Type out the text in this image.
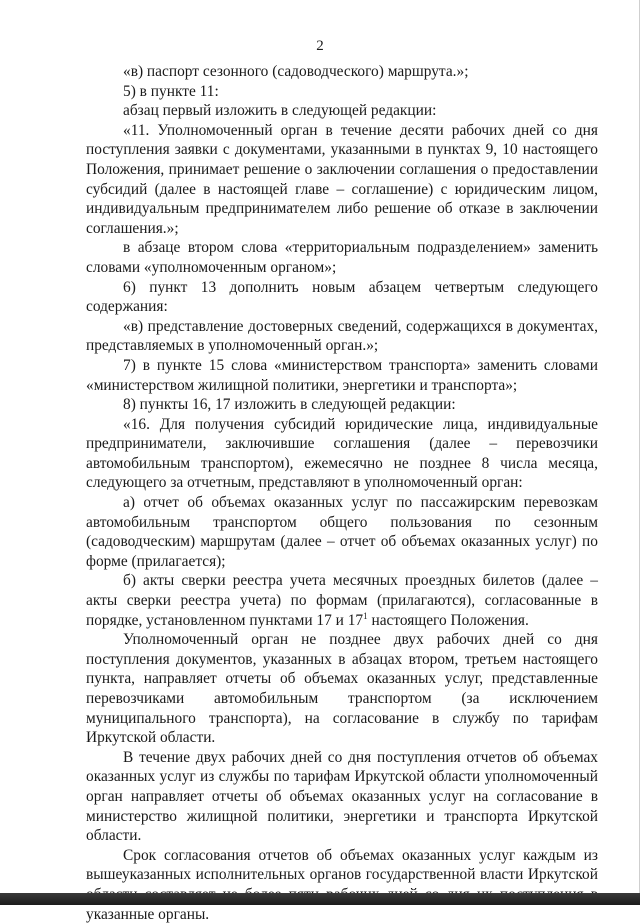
2

«в) паспорт сезонного (садоводческого) маршрута.»;

5) в пункте 11:

абзац первый изложить в следующей редакции:

«11. Уполномоченный орган в течение десяти рабочих дней со дня поступления заявки с документами, указанными в пунктах 9, 10 настоящего Положения, принимает решение о заключении соглашения о предоставлении субсидий (далее в настоящей главе – соглашение) с юридическим лицом, индивидуальным предпринимателем либо решение об отказе в заключении соглашения.»;

в абзаце втором слова «территориальным подразделением» заменить словами «уполномоченным органом»;

6) пункт 13 дополнить новым абзацем четвертым следующего содержания:

«в) представление достоверных сведений, содержащихся в документах, представляемых в уполномоченный орган.»;

7) в пункте 15 слова «министерством транспорта» заменить словами «министерством жилищной политики, энергетики и транспорта»;

8) пункты 16, 17 изложить в следующей редакции:

«16. Для получения субсидий юридические лица, индивидуальные предприниматели, заключившие соглашения (далее – перевозчики автомобильным транспортом), ежемесячно не позднее 8 числа месяца, следующего за отчетным, представляют в уполномоченный орган:

а) отчет об объемах оказанных услуг по пассажирским перевозкам автомобильным транспортом общего пользования по сезонным (садоводческим) маршрутам (далее – отчет об объемах оказанных услуг) по форме (прилагается);

б) акты сверки реестра учета месячных проездных билетов (далее – акты сверки реестра учета) по формам (прилагаются), согласованные в порядке, установленном пунктами 17 и $17^1$ настоящего Положения.

Уполномоченный орган не позднее двух рабочих дней со дня поступления документов, указанных в абзацах втором, третьем настоящего пункта, направляет отчеты об объемах оказанных услуг, представленные перевозчиками автомобильным транспортом (за исключением муниципального транспорта), на согласование в службу по тарифам Иркутской области.

В течение двух рабочих дней со дня поступления отчетов об объемах оказанных услуг из службы по тарифам Иркутской области уполномоченный орган направляет отчеты об объемах оказанных услуг на согласование в министерство жилищной политики, энергетики и транспорта Иркутской области.

Срок согласования отчетов об объемах оказанных услуг каждым из вышеуказанных исполнительных органов государственной власти Иркутской указанные органы.
